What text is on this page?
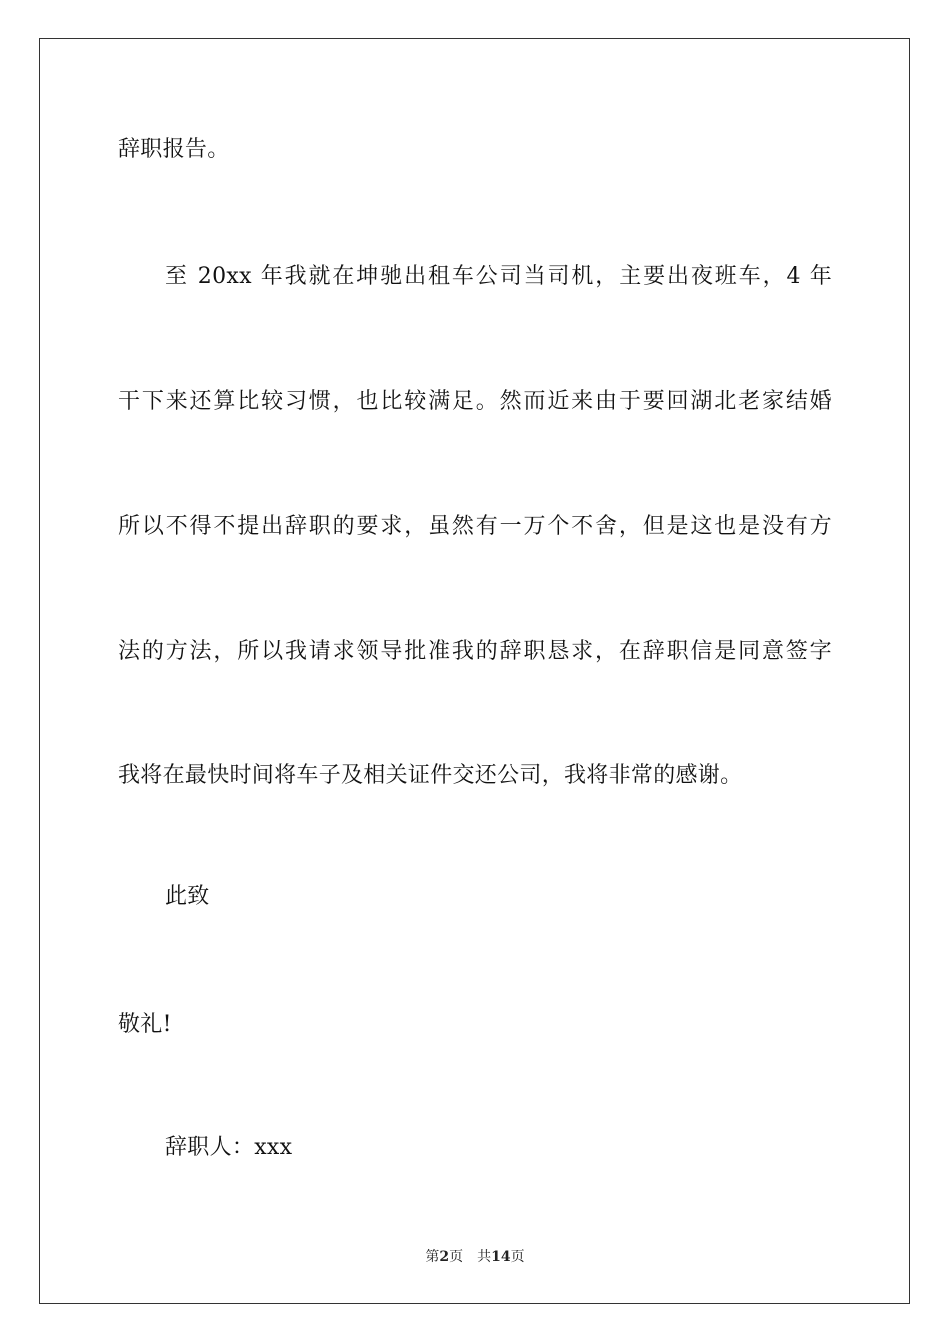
辞职报告。
至 20xx 年我就在坤驰出租车公司当司机，主要出夜班车，4 年
干下来还算比较习惯，也比较满足。然而近来由于要回湖北老家结婚
所以不得不提出辞职的要求，虽然有一万个不舍，但是这也是没有方
法的方法，所以我请求领导批准我的辞职恳求，在辞职信是同意签字
我将在最快时间将车子及相关证件交还公司，我将非常的感谢。
此致
敬礼!
辞职人：xxx
第2页 共14页
